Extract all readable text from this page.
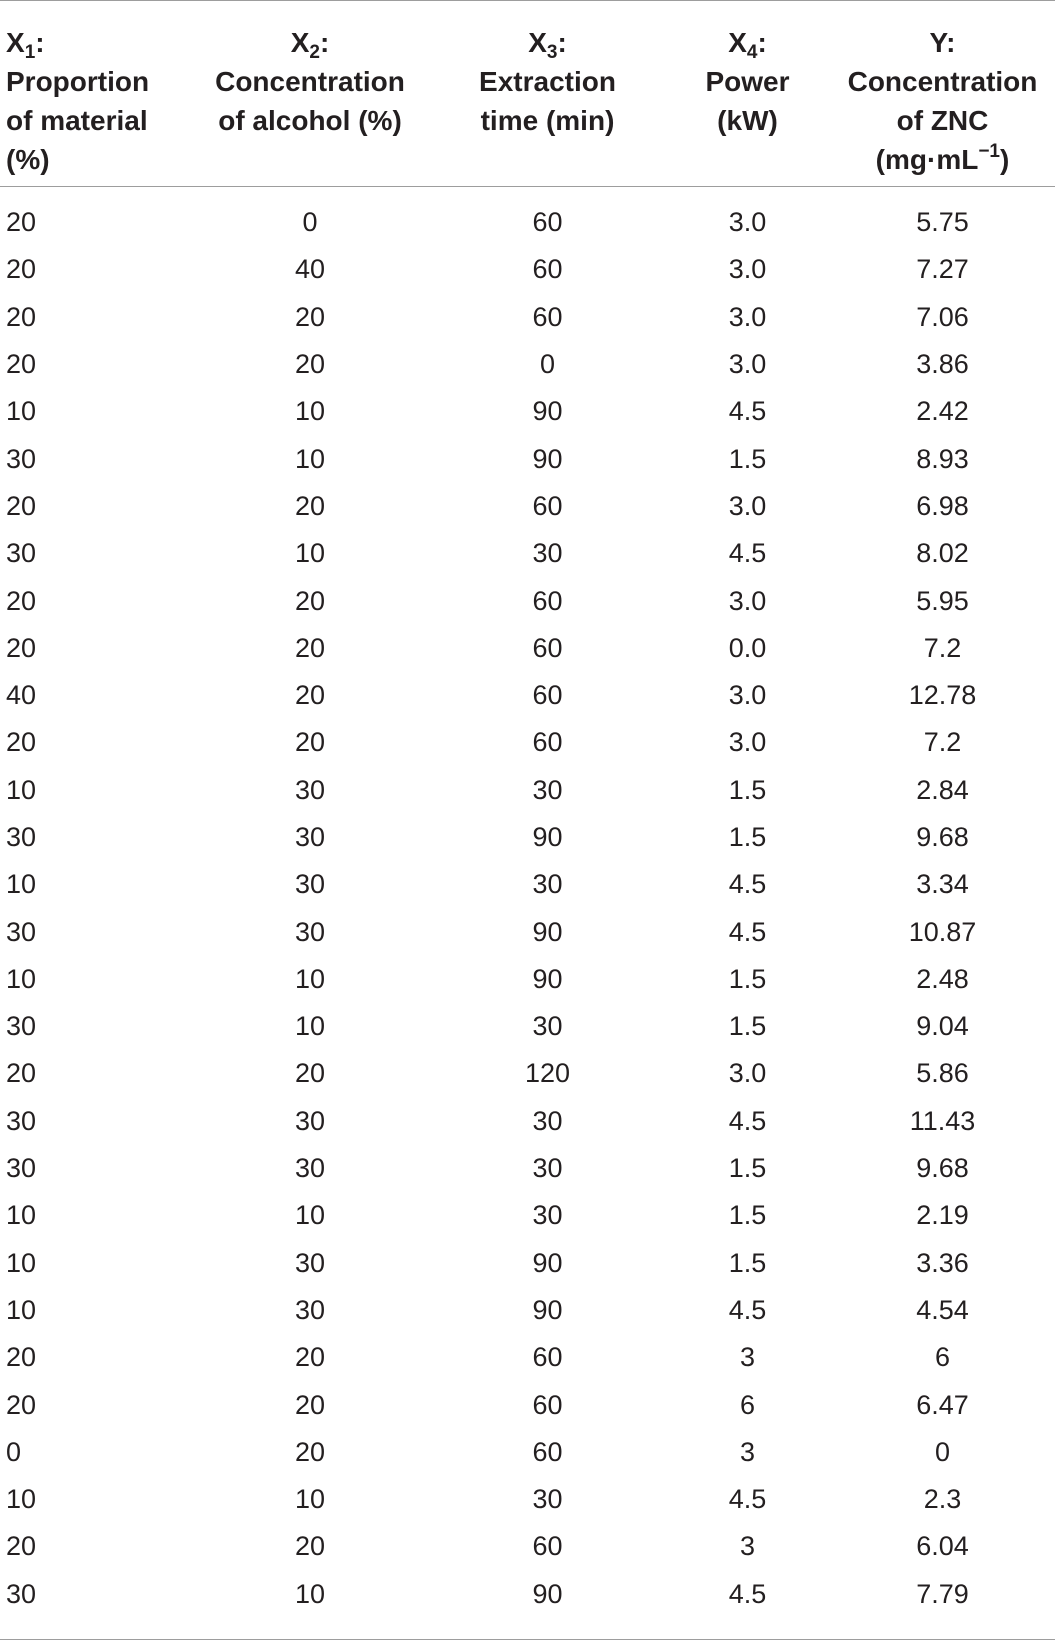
$X_1$:
Proportion
of material
(%)	$X_2$:
Concentration
of alcohol (%)	$X_3$:
Extraction
time (min)	$X_4$:
Power
(kW)	Y:
Concentration
of ZNC
$(mg\cdot mL^{-1})$

20	0	60	3.0	5.75
20	40	60	3.0	7.27
20	20	60	3.0	7.06
20	20	0	3.0	3.86
10	10	90	4.5	2.42
30	10	90	1.5	8.93
20	20	60	3.0	6.98
30	10	30	4.5	8.02
20	20	60	3.0	5.95
20	20	60	0.0	7.2
40	20	60	3.0	12.78
20	20	60	3.0	7.2
10	30	30	1.5	2.84
30	30	90	1.5	9.68
10	30	30	4.5	3.34
30	30	90	4.5	10.87
10	10	90	1.5	2.48
30	10	30	1.5	9.04
20	20	120	3.0	5.86
30	30	30	4.5	11.43
30	30	30	1.5	9.68
10	10	30	1.5	2.19
10	30	90	1.5	3.36
10	30	90	4.5	4.54
20	20	60	3	6
20	20	60	6	6.47
0	20	60	3	0
10	10	30	4.5	2.3
20	20	60	3	6.04
30	10	90	4.5	7.79
